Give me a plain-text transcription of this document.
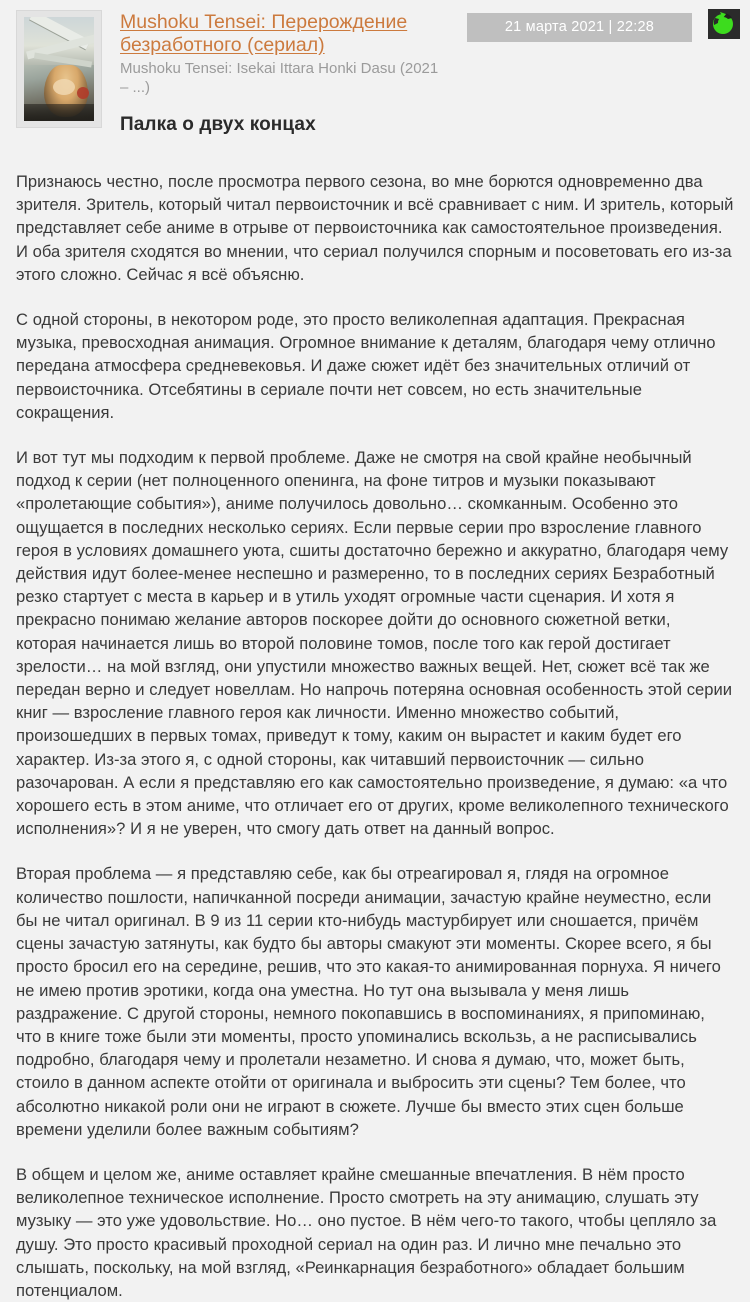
Mushoku Tensei: Перерождение безработного (сериал)
Mushoku Tensei: Isekai Ittara Honki Dasu (2021 – ...)
21 марта 2021 | 22:28
Палка о двух концах

Признаюсь честно, после просмотра первого сезона, во мне борются одновременно два зрителя. Зритель, который читал первоисточник и всё сравнивает с ним. И зритель, который представляет себе аниме в отрыве от первоисточника как самостоятельное произведения. И оба зрителя сходятся во мнении, что сериал получился спорным и посоветовать его из-за этого сложно. Сейчас я всё объясню.

С одной стороны, в некотором роде, это просто великолепная адаптация. Прекрасная музыка, превосходная анимация. Огромное внимание к деталям, благодаря чему отлично передана атмосфера средневековья. И даже сюжет идёт без значительных отличий от первоисточника. Отсебятины в сериале почти нет совсем, но есть значительные сокращения.

И вот тут мы подходим к первой проблеме. Даже не смотря на свой крайне необычный подход к серии (нет полноценного опенинга, на фоне титров и музыки показывают «пролетающие события»), аниме получилось довольно… скомканным. Особенно это ощущается в последних несколько сериях. Если первые серии про взросление главного героя в условиях домашнего уюта, сшиты достаточно бережно и аккуратно, благодаря чему действия идут более-менее неспешно и размеренно, то в последних сериях Безработный резко стартует с места в карьер и в утиль уходят огромные части сценария. И хотя я прекрасно понимаю желание авторов поскорее дойти до основного сюжетной ветки, которая начинается лишь во второй половине томов, после того как герой достигает зрелости… на мой взгляд, они упустили множество важных вещей. Нет, сюжет всё так же передан верно и следует новеллам. Но напрочь потеряна основная особенность этой серии книг — взросление главного героя как личности. Именно множество событий, произошедших в первых томах, приведут к тому, каким он вырастет и каким будет его характер. Из-за этого я, с одной стороны, как читавший первоисточник — сильно разочарован. А если я представляю его как самостоятельно произведение, я думаю: «а что хорошего есть в этом аниме, что отличает его от других, кроме великолепного технического исполнения»? И я не уверен, что смогу дать ответ на данный вопрос.

Вторая проблема — я представляю себе, как бы отреагировал я, глядя на огромное количество пошлости, напичканной посреди анимации, зачастую крайне неуместно, если бы не читал оригинал. В 9 из 11 серии кто-нибудь мастурбирует или сношается, причём сцены зачастую затянуты, как будто бы авторы смакуют эти моменты. Скорее всего, я бы просто бросил его на середине, решив, что это какая-то анимированная порнуха. Я ничего не имею против эротики, когда она уместна. Но тут она вызывала у меня лишь раздражение. С другой стороны, немного покопавшись в воспоминаниях, я припоминаю, что в книге тоже были эти моменты, просто упоминались вскользь, а не расписывались подробно, благодаря чему и пролетали незаметно. И снова я думаю, что, может быть, стоило в данном аспекте отойти от оригинала и выбросить эти сцены? Тем более, что абсолютно никакой роли они не играют в сюжете. Лучше бы вместо этих сцен больше времени уделили более важным событиям?

В общем и целом же, аниме оставляет крайне смешанные впечатления. В нём просто великолепное техническое исполнение. Просто смотреть на эту анимацию, слушать эту музыку — это уже удовольствие. Но… оно пустое. В нём чего-то такого, чтобы цепляло за душу. Это просто красивый проходной сериал на один раз. И лично мне печально это слышать, поскольку, на мой взгляд, «Реинкарнация безработного» обладает большим потенциалом.
